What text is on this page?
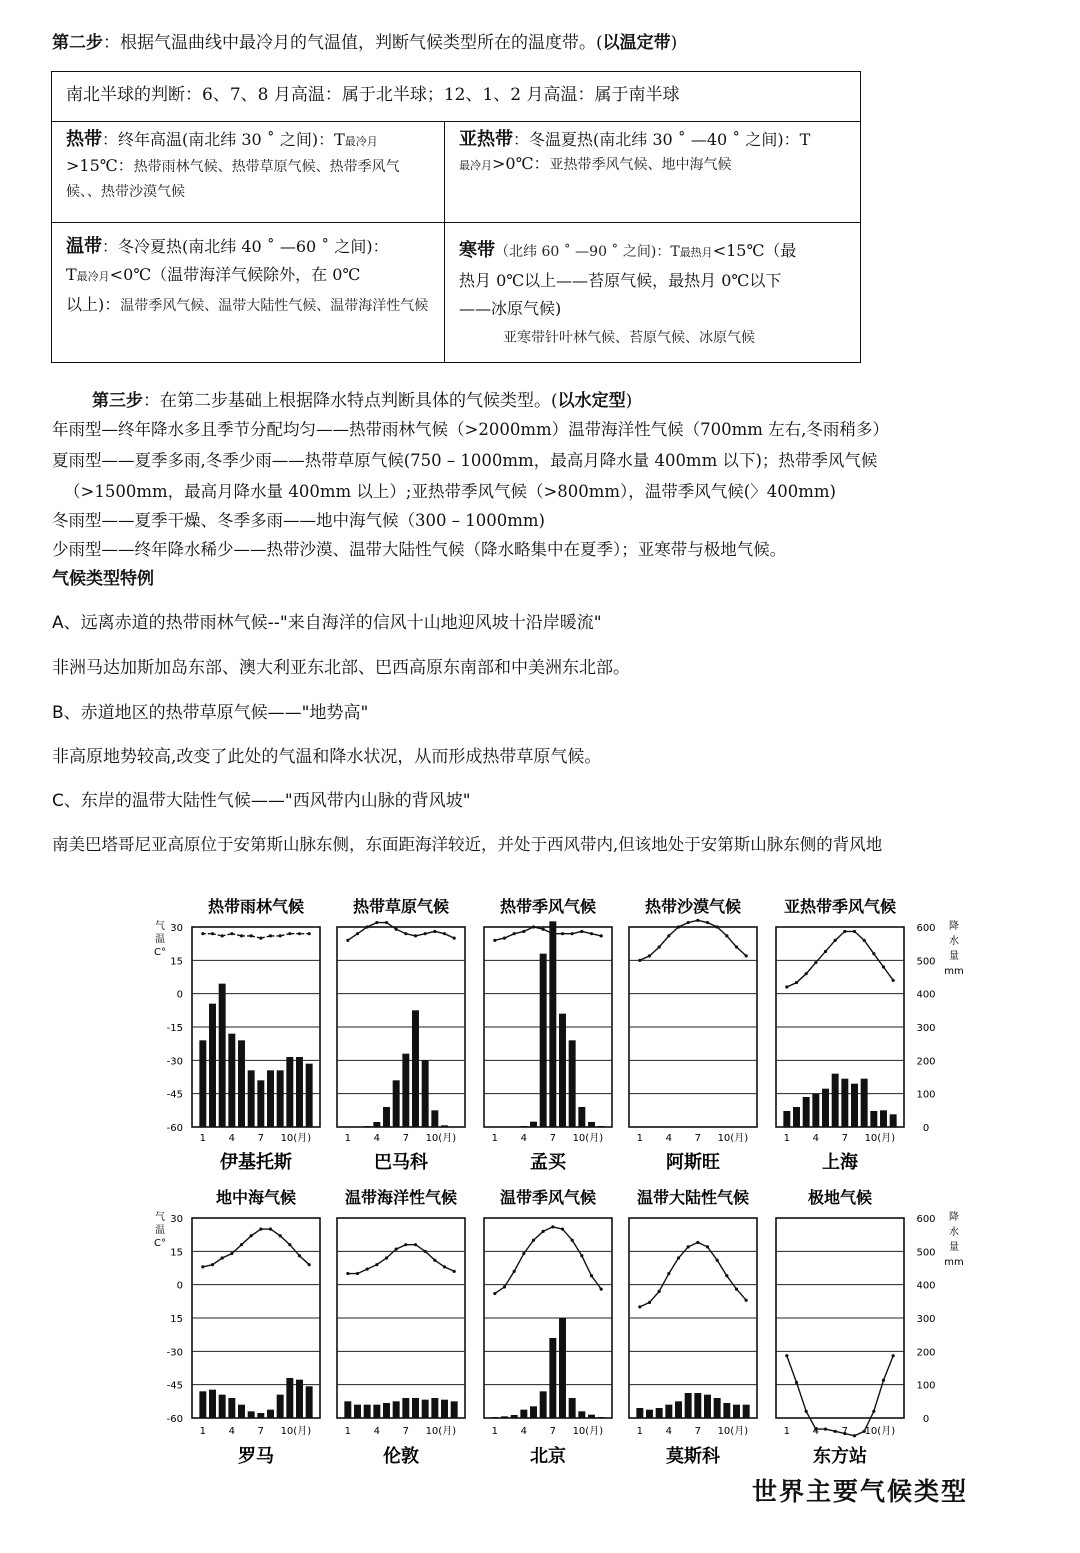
第二步：根据气温曲线中最冷月的气温值，判断气候类型所在的温度带。(以温定带)
南北半球的判断：6、7、8 月高温：属于北半球；12、1、2 月高温：属于南半球	
热带：终年高温(南北纬 30 ˚ 之间)：T最冷月
>15℃：热带雨林气候、热带草原气候、热带季风气候、、热带沙漠气候	亚热带：冬温夏热(南北纬 30 ˚ —40 ˚ 之间)：T
最冷月>0℃：亚热带季风气候、地中海气候
温带：冬冷夏热(南北纬 40 ˚ —60 ˚ 之间)：
T最冷月<0℃（温带海洋气候除外，在 0℃
以上)：温带季风气候、温带大陆性气候、温带海洋性气候	寒带（北纬 60 ˚ —90 ˚ 之间)：T最热月<15℃（最
热月 0℃以上——苔原气候，最热月 0℃以下
——冰原气候)
亚寒带针叶林气候、苔原气候、冰原气候
第三步：在第二步基础上根据降水特点判断具体的气候类型。(以水定型)
年雨型—终年降水多且季节分配均匀——热带雨林气候（>2000mm）温带海洋性气候（700mm 左右,冬雨稍多）
夏雨型——夏季多雨,冬季少雨——热带草原气候(750 – 1000mm，最高月降水量 400mm 以下)；热带季风气候
（>1500mm，最高月降水量 400mm 以上）;亚热带季风气候（>800mm），温带季风气候(〉400mm)
冬雨型——夏季干燥、冬季多雨——地中海气候（300 – 1000mm)
少雨型——终年降水稀少——热带沙漠、温带大陆性气候（降水略集中在夏季）；亚寒带与极地气候。
气候类型特例
A、远离赤道的热带雨林气候--"来自海洋的信风十山地迎风坡十沿岸暖流"
非洲马达加斯加岛东部、澳大利亚东北部、巴西高原东南部和中美洲东北部。
B、赤道地区的热带草原气候——"地势高"
非高原地势较高,改变了此处的气温和降水状况，从而形成热带草原气候。
C、东岸的温带大陆性气候——"西风带内山脉的背风坡"
南美巴塔哥尼亚高原位于安第斯山脉东侧，东面距海洋较近，并处于西风带内,但该地处于安第斯山脉东侧的背风地
热带雨林气候
伊基托斯
1 4 7 10(月)
热带草原气候
巴马科
1 4 7 10(月)
热带季风气候
孟买
1 4 7 10(月)
热带沙漠气候
阿斯旺
1 4 7 10(月)
亚热带季风气候
上海
1 4 7 10(月)
地中海气候
罗马
1 4 7 10(月)
温带海洋性气候
伦敦
1 4 7 10(月)
温带季风气候
北京
1 4 7 10(月)
温带大陆性气候
莫斯科
1 4 7 10(月)
极地气候
东方站
1 4 7 10(月)
30
15
0
-15
-30
-45
-60
气
温
C°
600
500
400
300
200
100
0
降
水
量
mm
30
15
0
15
-30
-45
-60
气
温
C°
600
500
400
300
200
100
0
降
水
量
mm
世界主要气候类型
